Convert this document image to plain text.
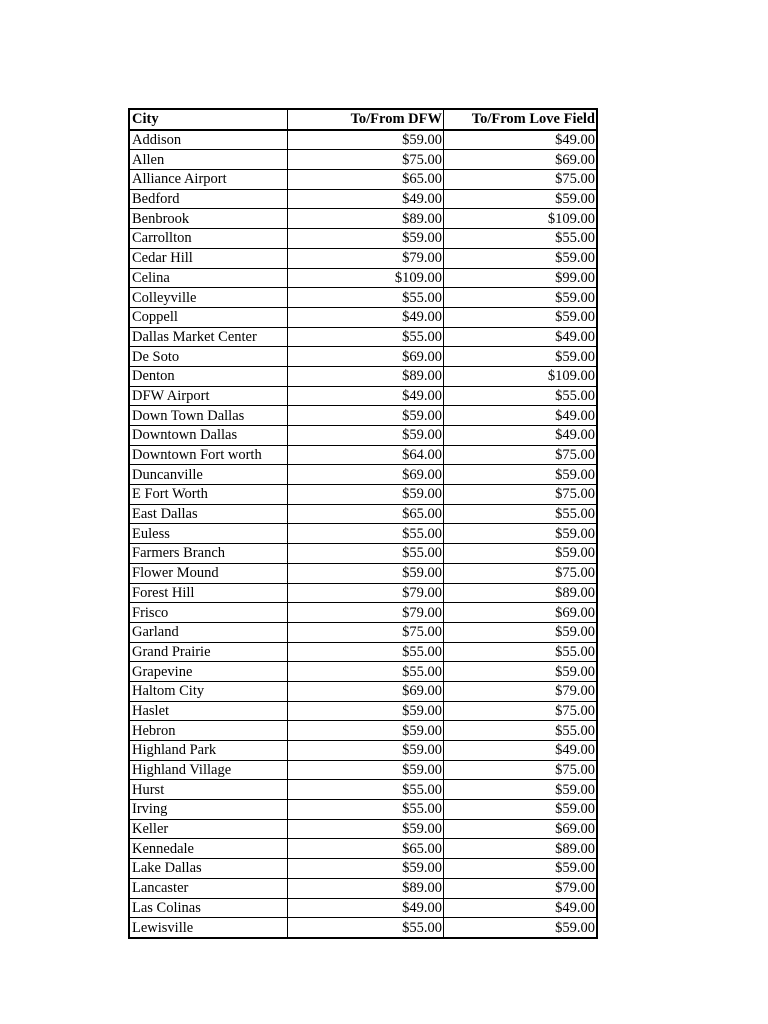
City	To/From DFW	To/From Love Field
Addison	$59.00	$49.00
Allen	$75.00	$69.00
Alliance Airport	$65.00	$75.00
Bedford	$49.00	$59.00
Benbrook	$89.00	$109.00
Carrollton	$59.00	$55.00
Cedar Hill	$79.00	$59.00
Celina	$109.00	$99.00
Colleyville	$55.00	$59.00
Coppell	$49.00	$59.00
Dallas Market Center	$55.00	$49.00
De Soto	$69.00	$59.00
Denton	$89.00	$109.00
DFW Airport	$49.00	$55.00
Down Town Dallas	$59.00	$49.00
Downtown Dallas	$59.00	$49.00
Downtown Fort worth	$64.00	$75.00
Duncanville	$69.00	$59.00
E Fort Worth	$59.00	$75.00
East Dallas	$65.00	$55.00
Euless	$55.00	$59.00
Farmers Branch	$55.00	$59.00
Flower Mound	$59.00	$75.00
Forest Hill	$79.00	$89.00
Frisco	$79.00	$69.00
Garland	$75.00	$59.00
Grand Prairie	$55.00	$55.00
Grapevine	$55.00	$59.00
Haltom City	$69.00	$79.00
Haslet	$59.00	$75.00
Hebron	$59.00	$55.00
Highland Park	$59.00	$49.00
Highland Village	$59.00	$75.00
Hurst	$55.00	$59.00
Irving	$55.00	$59.00
Keller	$59.00	$69.00
Kennedale	$65.00	$89.00
Lake Dallas	$59.00	$59.00
Lancaster	$89.00	$79.00
Las Colinas	$49.00	$49.00
Lewisville	$55.00	$59.00
